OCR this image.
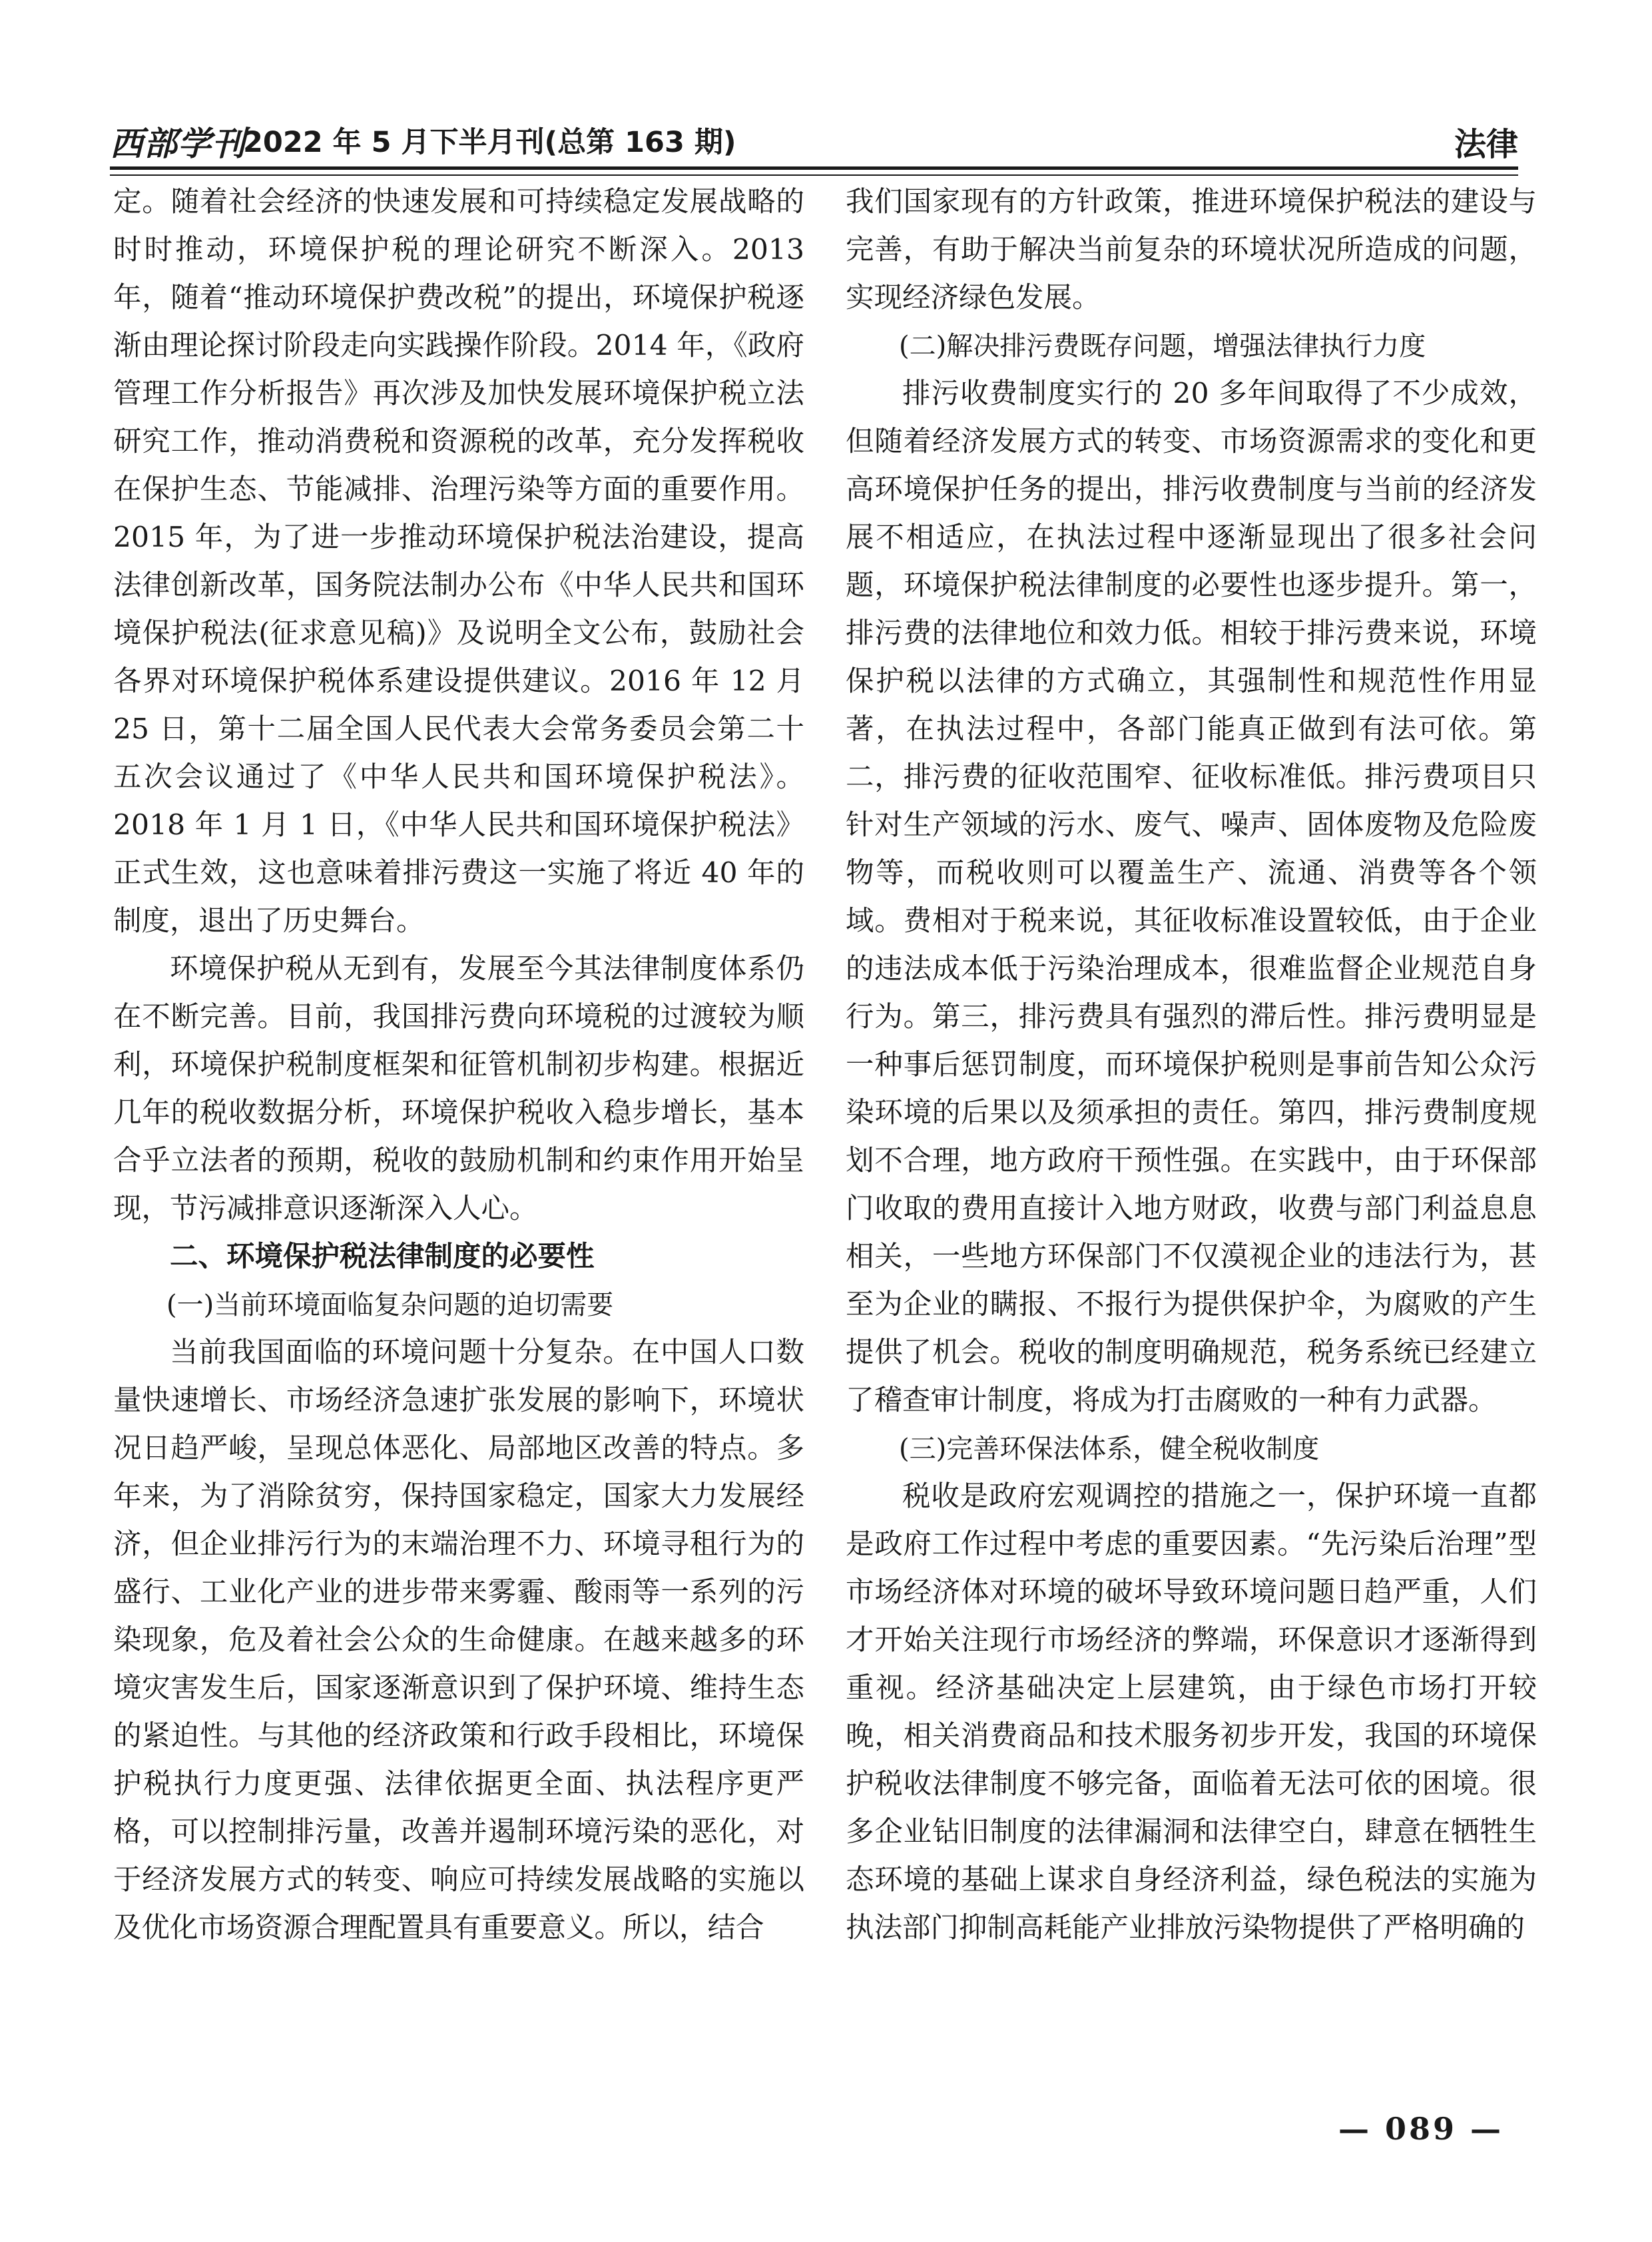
西部学刊
2022 年 5 月下半月刊(总第 163 期)	法律

定。随着社会经济的快速发展和可持续稳定发展战略的时时推动，环境保护税的理论研究不断深入。2013 年，随着“推动环境保护费改税”的提出，环境保护税逐渐由理论探讨阶段走向实践操作阶段。2014 年，《政府管理工作分析报告》再次涉及加快发展环境保护税立法研究工作，推动消费税和资源税的改革，充分发挥税收在保护生态、节能减排、治理污染等方面的重要作用。2015 年，为了进一步推动环境保护税法治建设，提高法律创新改革，国务院法制办公布《中华人民共和国环境保护税法(征求意见稿)》及说明全文公布，鼓励社会各界对环境保护税体系建设提供建议。2016 年 12 月 25 日，第十二届全国人民代表大会常务委员会第二十五次会议通过了《中华人民共和国环境保护税法》。2018 年 1 月 1 日，《中华人民共和国环境保护税法》正式生效，这也意味着排污费这一实施了将近 40 年的制度，退出了历史舞台。

环境保护税从无到有，发展至今其法律制度体系仍在不断完善。目前，我国排污费向环境税的过渡较为顺利，环境保护税制度框架和征管机制初步构建。根据近几年的税收数据分析，环境保护税收入稳步增长，基本合乎立法者的预期，税收的鼓励机制和约束作用开始呈现，节污减排意识逐渐深入人心。

二、环境保护税法律制度的必要性
(一)当前环境面临复杂问题的迫切需要

当前我国面临的环境问题十分复杂。在中国人口数量快速增长、市场经济急速扩张发展的影响下，环境状况日趋严峻，呈现总体恶化、局部地区改善的特点。多年来，为了消除贫穷，保持国家稳定，国家大力发展经济，但企业排污行为的末端治理不力、环境寻租行为的盛行、工业化产业的进步带来雾霾、酸雨等一系列的污染现象，危及着社会公众的生命健康。在越来越多的环境灾害发生后，国家逐渐意识到了保护环境、维持生态的紧迫性。与其他的经济政策和行政手段相比，环境保护税执行力度更强、法律依据更全面、执法程序更严格，可以控制排污量，改善并遏制环境污染的恶化，对于经济发展方式的转变、响应可持续发展战略的实施以及优化市场资源合理配置具有重要意义。所以，结合

我们国家现有的方针政策，推进环境保护税法的建设与完善，有助于解决当前复杂的环境状况所造成的问题，实现经济绿色发展。

(二)解决排污费既存问题，增强法律执行力度

排污收费制度实行的 20 多年间取得了不少成效，但随着经济发展方式的转变、市场资源需求的变化和更高环境保护任务的提出，排污收费制度与当前的经济发展不相适应，在执法过程中逐渐显现出了很多社会问题，环境保护税法律制度的必要性也逐步提升。第一，排污费的法律地位和效力低。相较于排污费来说，环境保护税以法律的方式确立，其强制性和规范性作用显著，在执法过程中，各部门能真正做到有法可依。第二，排污费的征收范围窄、征收标准低。排污费项目只针对生产领域的污水、废气、噪声、固体废物及危险废物等，而税收则可以覆盖生产、流通、消费等各个领域。费相对于税来说，其征收标准设置较低，由于企业的违法成本低于污染治理成本，很难监督企业规范自身行为。第三，排污费具有强烈的滞后性。排污费明显是一种事后惩罚制度，而环境保护税则是事前告知公众污染环境的后果以及须承担的责任。第四，排污费制度规划不合理，地方政府干预性强。在实践中，由于环保部门收取的费用直接计入地方财政，收费与部门利益息息相关，一些地方环保部门不仅漠视企业的违法行为，甚至为企业的瞒报、不报行为提供保护伞，为腐败的产生提供了机会。税收的制度明确规范，税务系统已经建立了稽查审计制度，将成为打击腐败的一种有力武器。

(三)完善环保法体系，健全税收制度

税收是政府宏观调控的措施之一，保护环境一直都是政府工作过程中考虑的重要因素。“先污染后治理”型市场经济体对环境的破坏导致环境问题日趋严重，人们才开始关注现行市场经济的弊端，环保意识才逐渐得到重视。经济基础决定上层建筑，由于绿色市场打开较晚，相关消费商品和技术服务初步开发，我国的环境保护税收法律制度不够完备，面临着无法可依的困境。很多企业钻旧制度的法律漏洞和法律空白，肆意在牺牲生态环境的基础上谋求自身经济利益，绿色税法的实施为执法部门抑制高耗能产业排放污染物提供了严格明确的

— 089 —
